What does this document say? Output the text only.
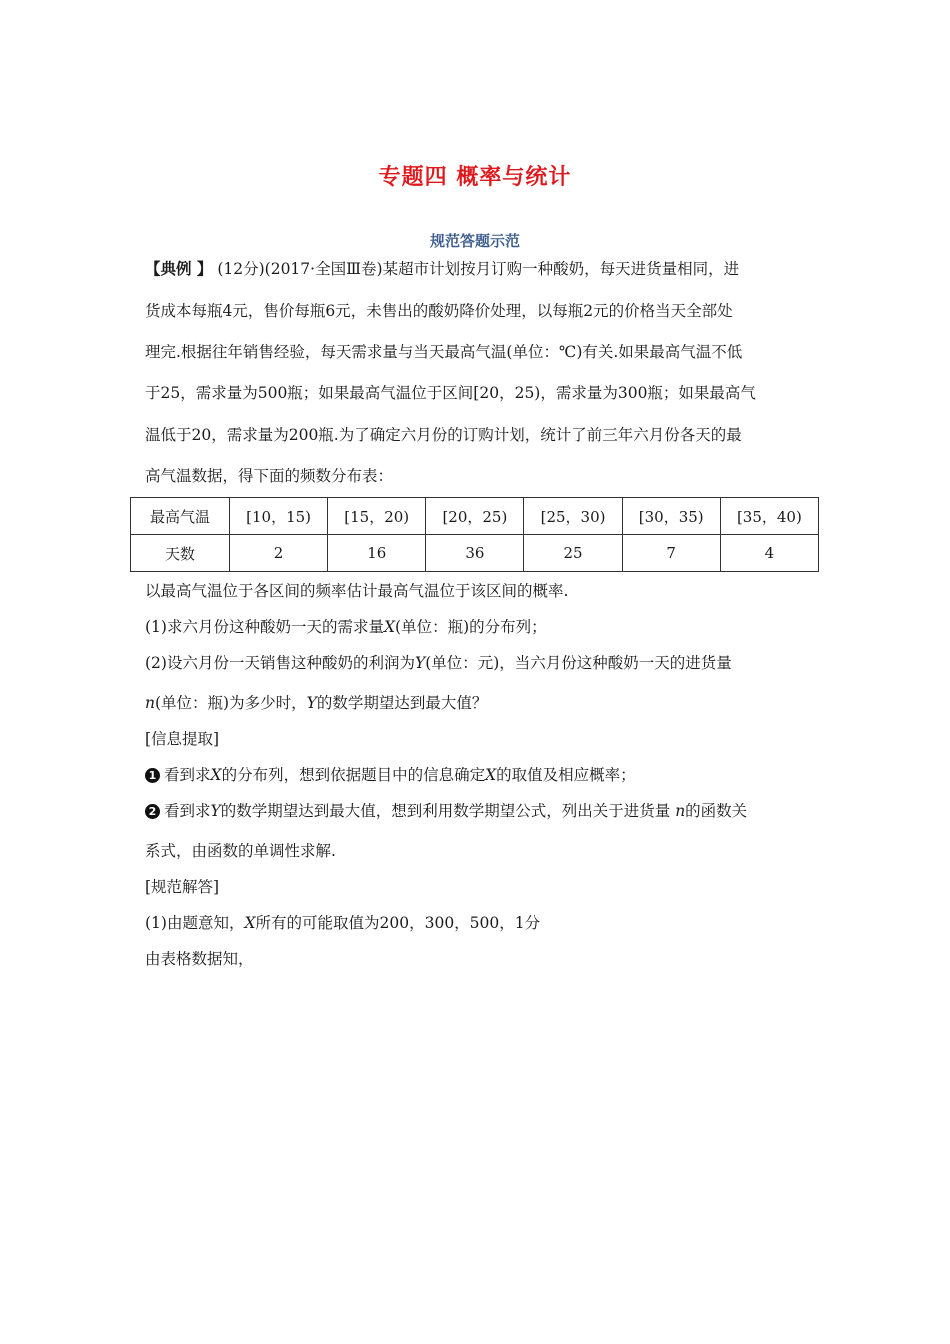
专题四 概率与统计
规范答题示范
【典例 】 (12分)(2017·全国Ⅲ卷)某超市计划按月订购一种酸奶，每天进货量相同，进
货成本每瓶4元，售价每瓶6元，未售出的酸奶降价处理，以每瓶2元的价格当天全部处
理完.根据往年销售经验，每天需求量与当天最高气温(单位：℃)有关.如果最高气温不低
于25，需求量为500瓶；如果最高气温位于区间[20，25)，需求量为300瓶；如果最高气
温低于20，需求量为200瓶.为了确定六月份的订购计划，统计了前三年六月份各天的最
高气温数据，得下面的频数分布表：
最高气温	[10，15)	[15，20)	[20，25)	[25，30)	[30，35)	[35，40)
天数	2	16	36	25	7	4
以最高气温位于各区间的频率估计最高气温位于该区间的概率.
(1)求六月份这种酸奶一天的需求量X(单位：瓶)的分布列；
(2)设六月份一天销售这种酸奶的利润为Y(单位：元)，当六月份这种酸奶一天的进货量
n(单位：瓶)为多少时，Y的数学期望达到最大值？
[信息提取]
1 看到求X的分布列，想到依据题目中的信息确定X的取值及相应概率；
2 看到求Y的数学期望达到最大值，想到利用数学期望公式，列出关于进货量 n的函数关
系式，由函数的单调性求解.
[规范解答]
(1)由题意知，X所有的可能取值为200，300，500，1分
由表格数据知，
